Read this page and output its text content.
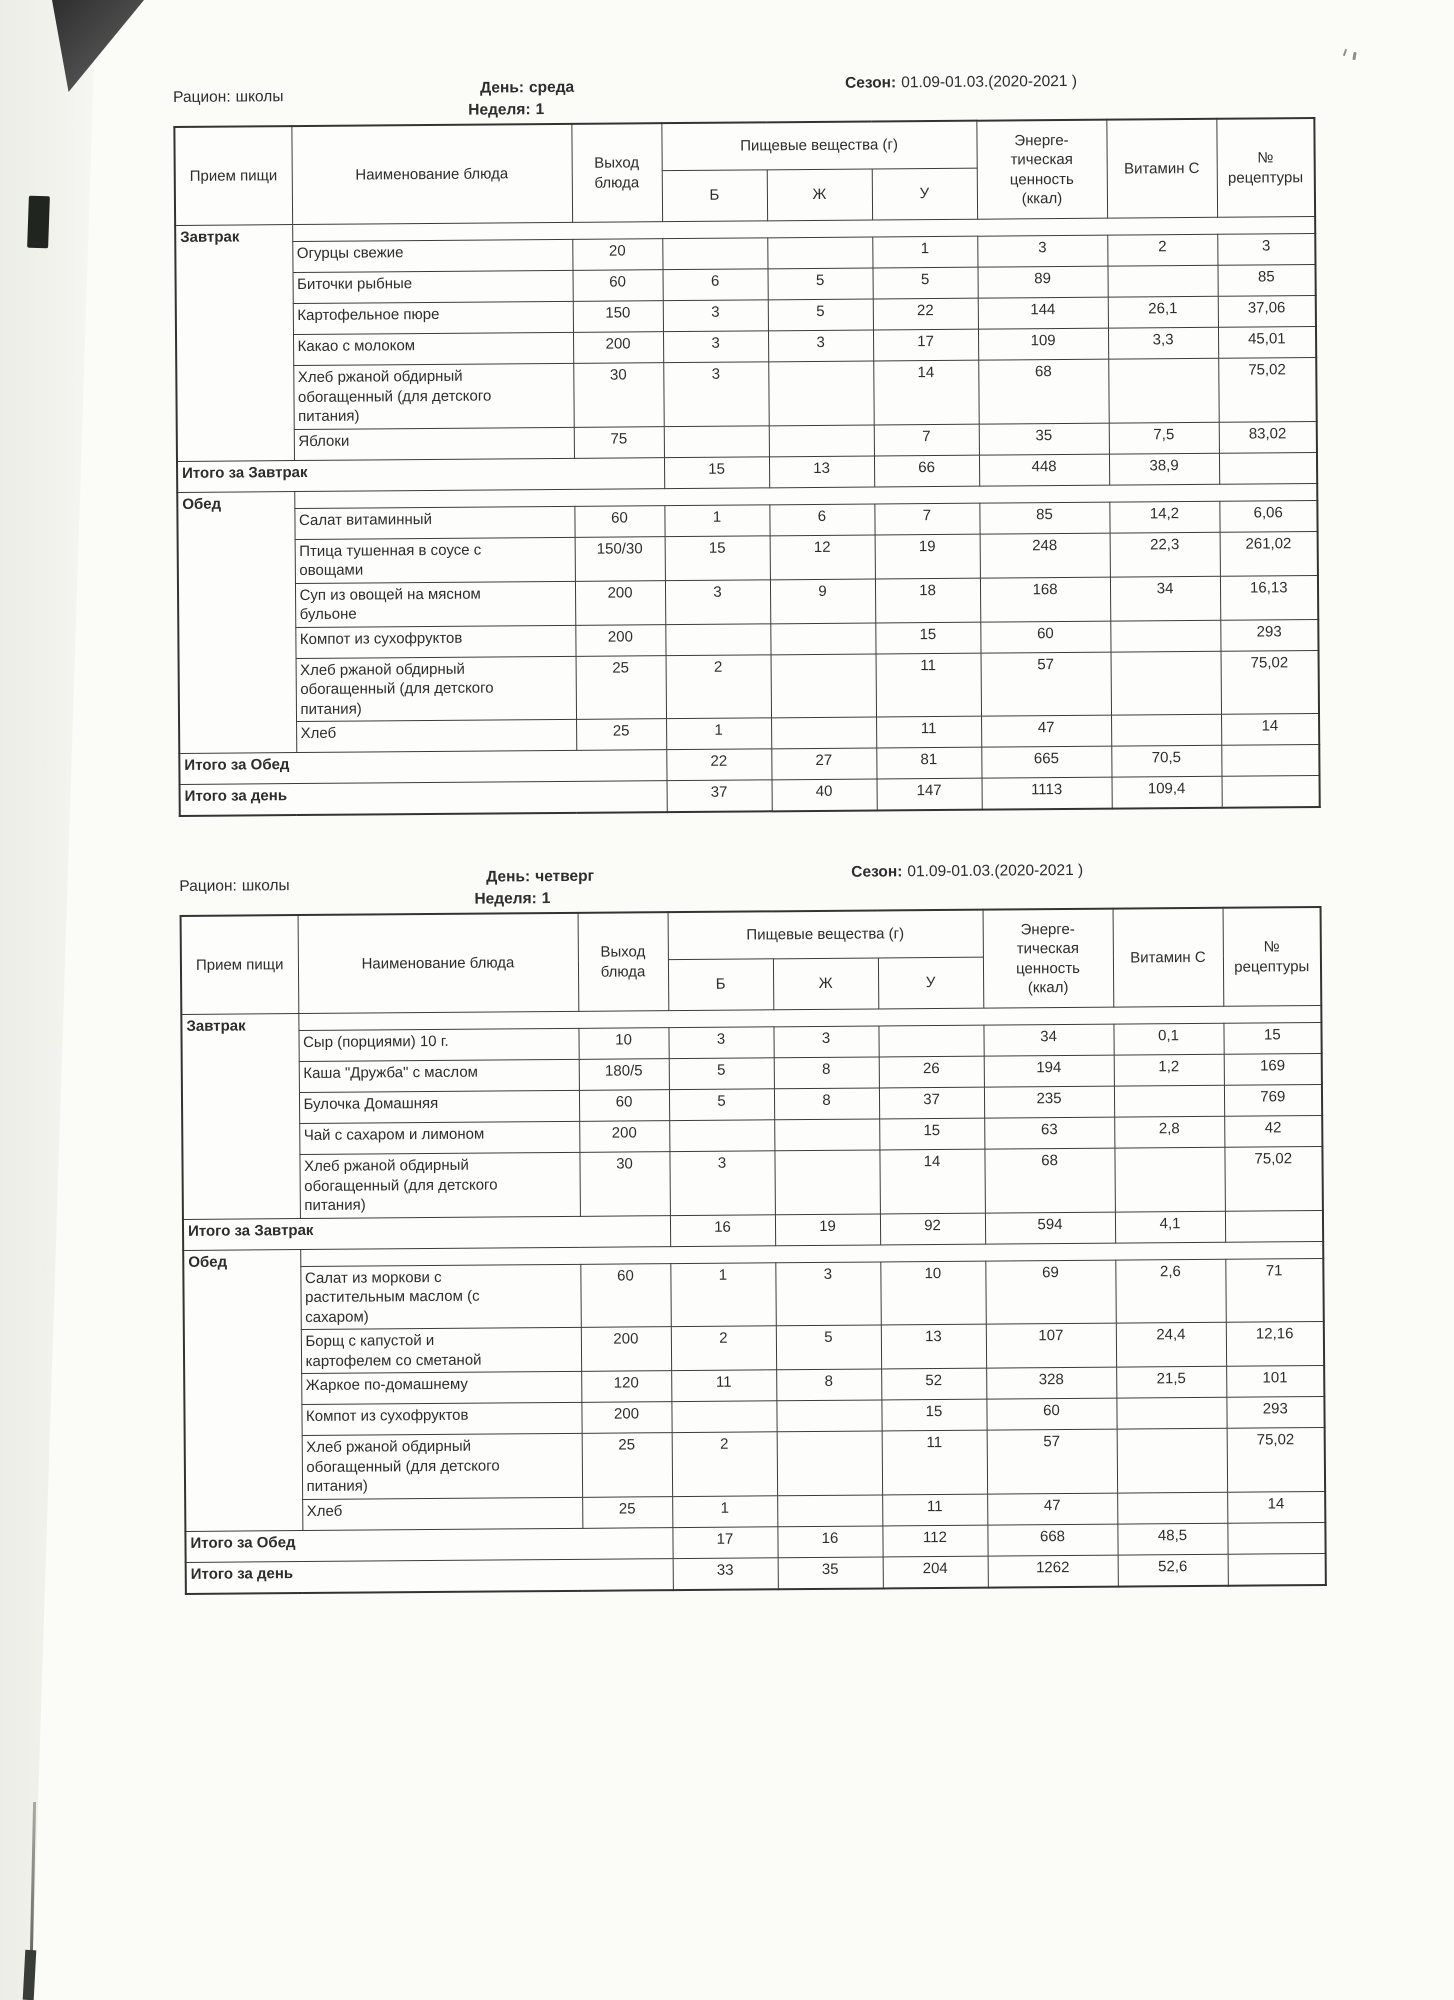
Рацион: школы
День: среда
Неделя: 1
Сезон: 01.09-01.03.(2020-2021 )
Прием пищи	Наименование блюда	Выход
блюда	Пищевые вещества (г)			Энерге-
тическая
ценность
(ккал)	Витамин С	№
рецептуры
			Б	Ж	У			
Завтрак								
	Огурцы свежие	20			1	3	2	3
	Биточки рыбные	60	6	5	5	89		85
	Картофельное пюре	150	3	5	22	144	26,1	37,06
	Какао с молоком	200	3	3	17	109	3,3	45,01
	Хлеб ржаной обдирный
обогащенный (для детского
питания)	30	3		14	68		75,02
	Яблоки	75			7	35	7,5	83,02
Итого за Завтрак			15	13	66	448	38,9	
Обед								
	Салат витаминный	60	1	6	7	85	14,2	6,06
	Птица тушенная в соусе с
овощами	150/30	15	12	19	248	22,3	261,02
	Суп из овощей на мясном
бульоне	200	3	9	18	168	34	16,13
	Компот из сухофруктов	200			15	60		293
	Хлеб ржаной обдирный
обогащенный (для детского
питания)	25	2		11	57		75,02
	Хлеб	25	1		11	47		14
Итого за Обед			22	27	81	665	70,5	
Итого за день			37	40	147	1113	109,4	
Рацион: школы
День: четверг
Неделя: 1
Сезон: 01.09-01.03.(2020-2021 )
Прием пищи	Наименование блюда	Выход
блюда	Пищевые вещества (г)			Энерге-
тическая
ценность
(ккал)	Витамин С	№
рецептуры
			Б	Ж	У			
Завтрак								
	Сыр (порциями) 10 г.	10	3	3		34	0,1	15
	Каша "Дружба" с маслом	180/5	5	8	26	194	1,2	169
	Булочка Домашняя	60	5	8	37	235		769
	Чай с сахаром и лимоном	200			15	63	2,8	42
	Хлеб ржаной обдирный
обогащенный (для детского
питания)	30	3		14	68		75,02
Итого за Завтрак			16	19	92	594	4,1	
Обед								
	Салат из моркови с
растительным маслом (с
сахаром)	60	1	3	10	69	2,6	71
	Борщ с капустой и
картофелем со сметаной	200	2	5	13	107	24,4	12,16
	Жаркое по-домашнему	120	11	8	52	328	21,5	101
	Компот из сухофруктов	200			15	60		293
	Хлеб ржаной обдирный
обогащенный (для детского
питания)	25	2		11	57		75,02
	Хлеб	25	1		11	47		14
Итого за Обед			17	16	112	668	48,5	
Итого за день			33	35	204	1262	52,6	
